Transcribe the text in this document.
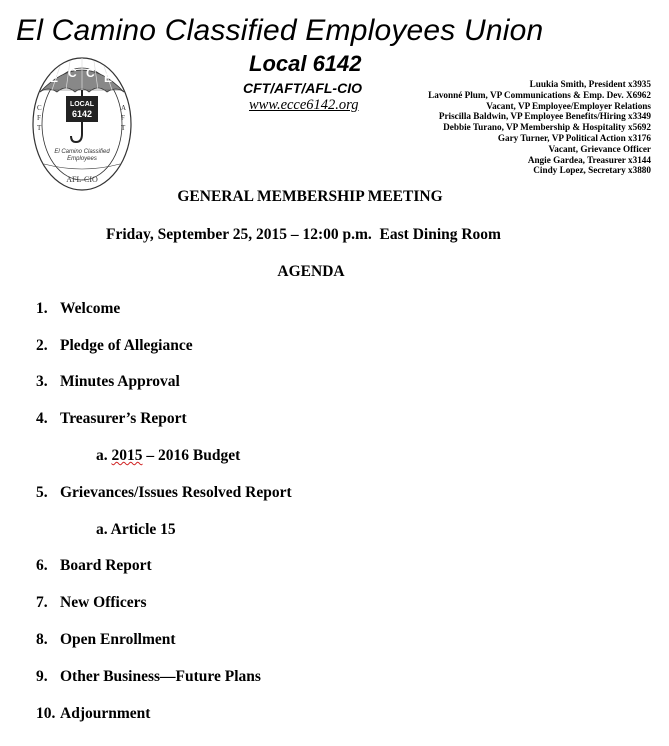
El Camino Classified Employees Union
Local 6142
CFT/AFT/AFL-CIO
www.ecce6142.org
E C C E
LOCAL
6142
C
F
T
A
F
T
El Camino Classified
Employees
AFL-CIO
Luukia Smith, President x3935
Lavonné Plum, VP Communications & Emp. Dev. X6962
Vacant, VP Employee/Employer Relations
Priscilla Baldwin, VP Employee Benefits/Hiring x3349
Debbie Turano, VP Membership & Hospitality x5692
Gary Turner, VP Political Action x3176
Vacant, Grievance Officer
Angie Gardea, Treasurer x3144
Cindy Lopez, Secretary x3880
GENERAL MEMBERSHIP MEETING
Friday, September 25, 2015 – 12:00 p.m.  East Dining Room
AGENDA
1. Welcome
2. Pledge of Allegiance
3. Minutes Approval
4. Treasurer’s Report
a. 2015 – 2016 Budget
5. Grievances/Issues Resolved Report
a. Article 15
6. Board Report
7. New Officers
8. Open Enrollment
9. Other Business—Future Plans
10. Adjournment
